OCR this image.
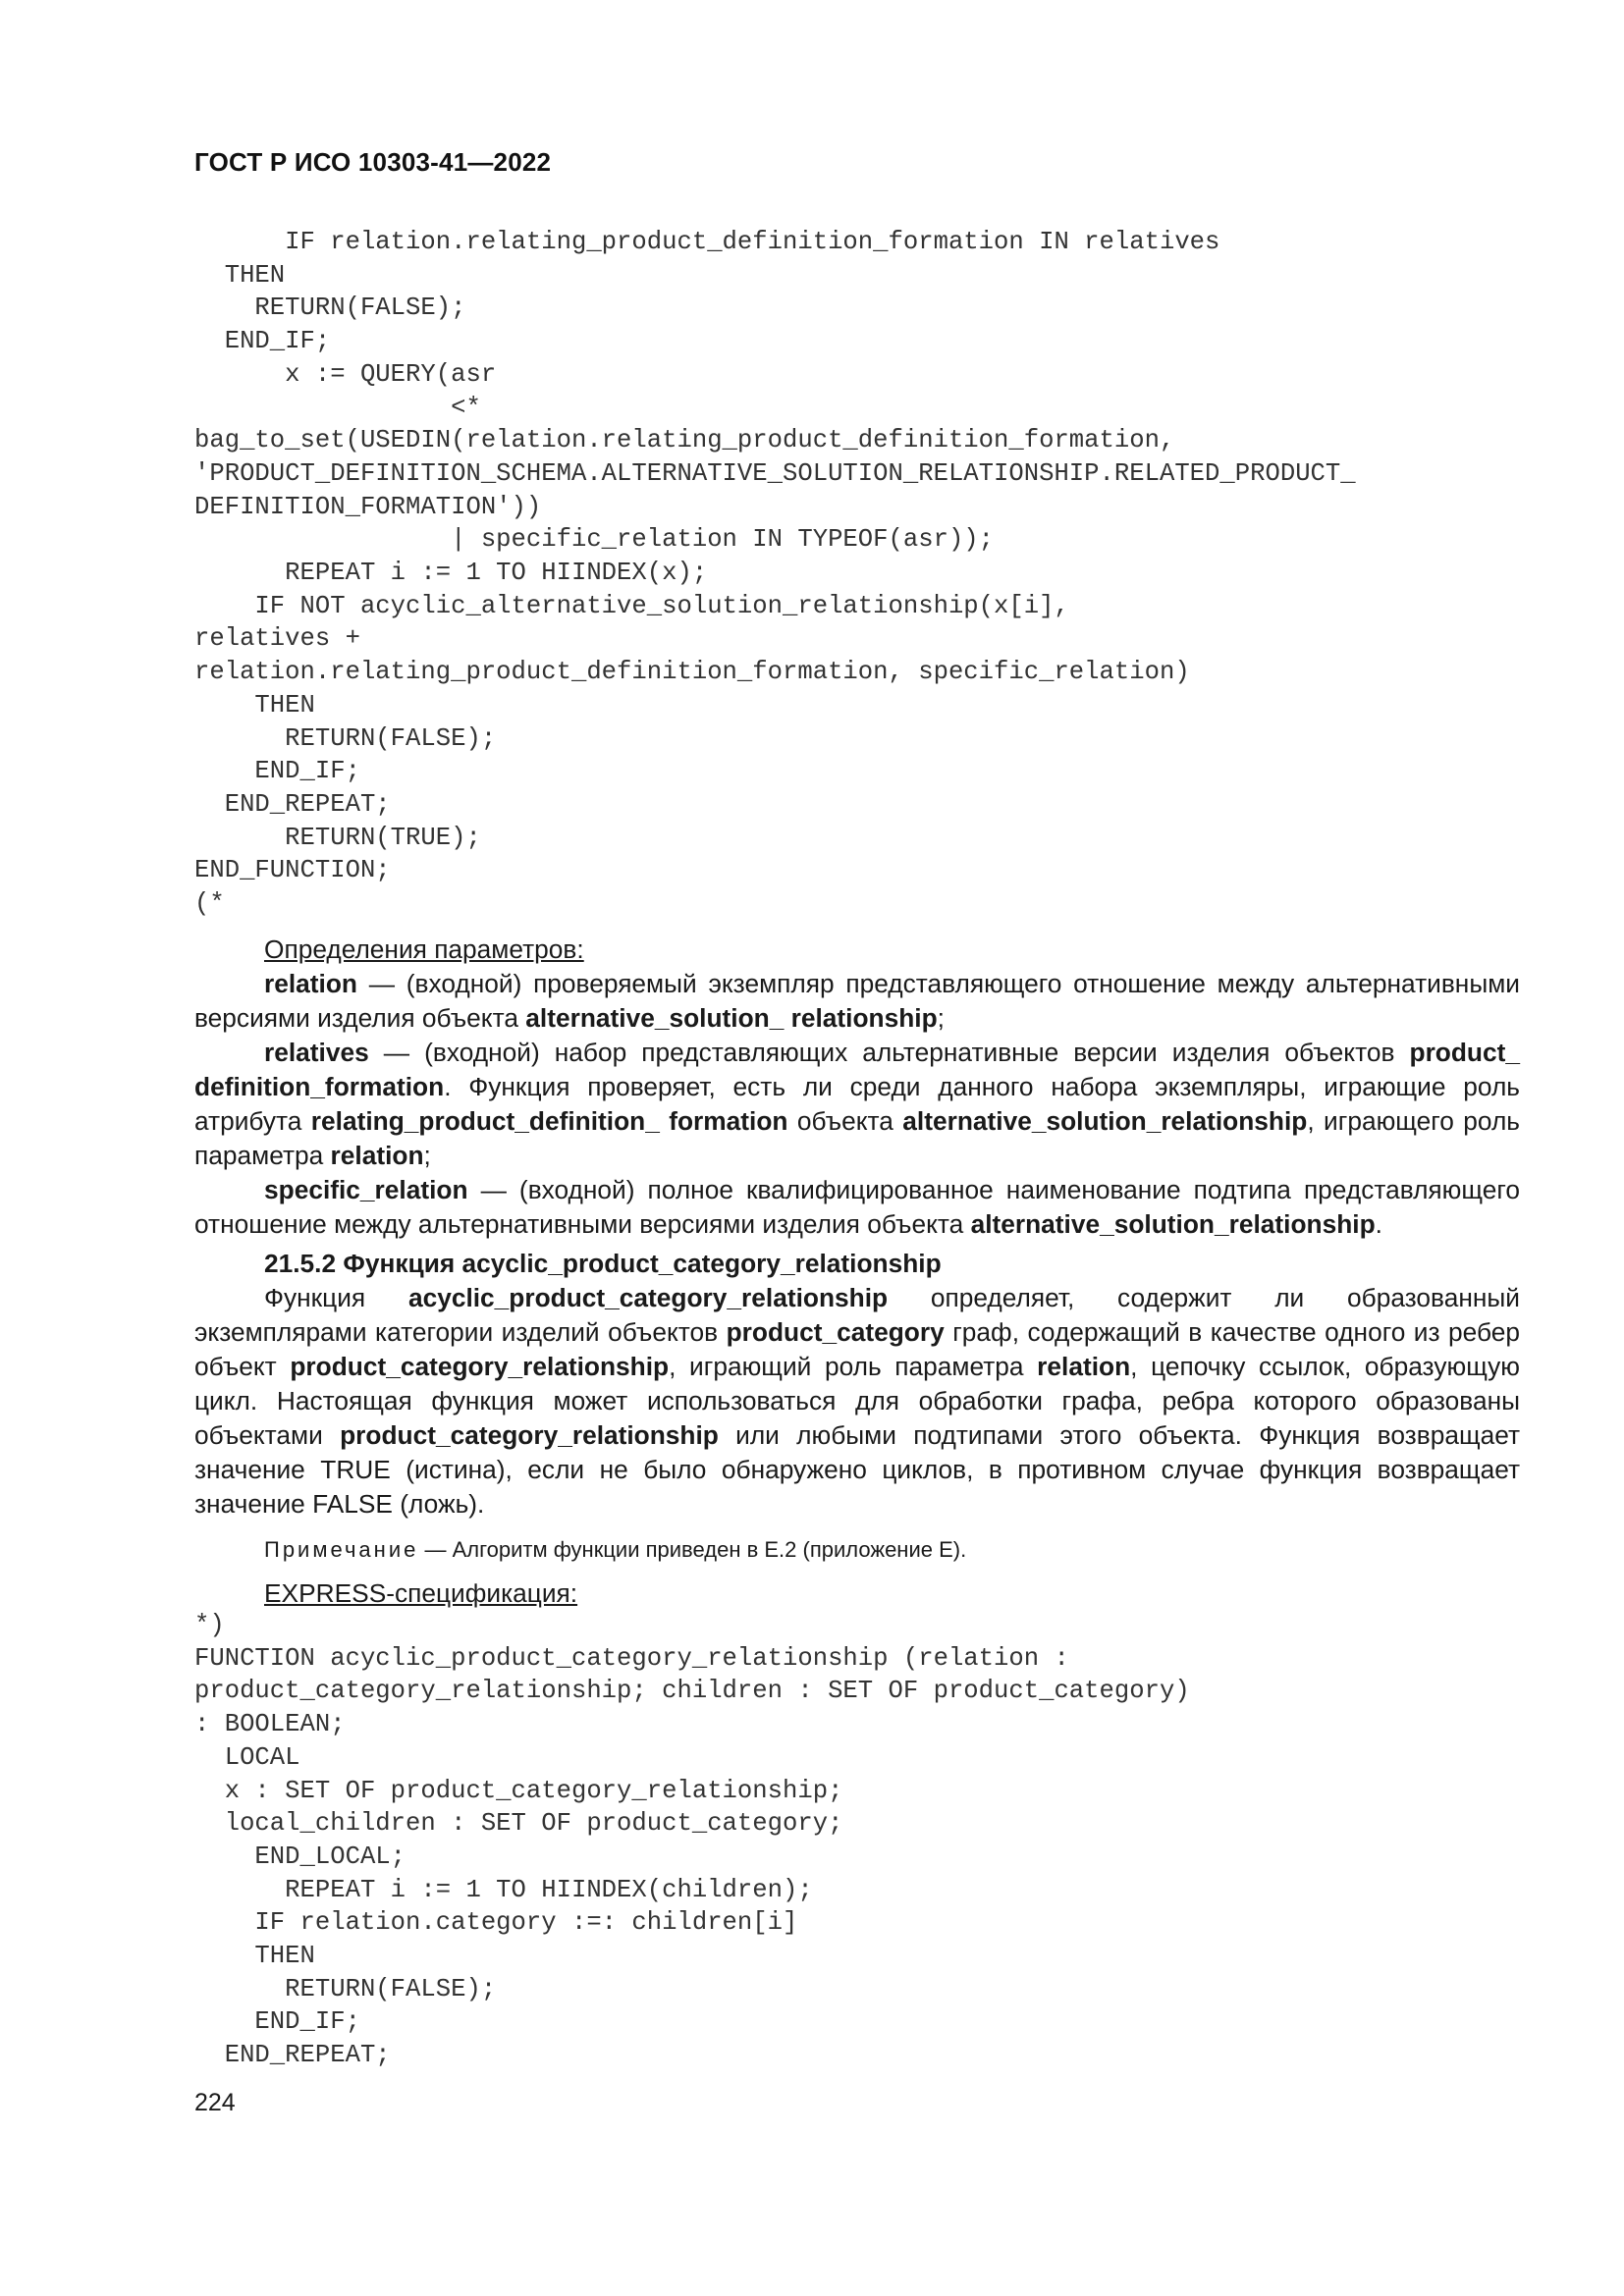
ГОСТ Р ИСО 10303-41—2022
IF relation.relating_product_definition_formation IN relatives
THEN
RETURN(FALSE);
END_IF;
x := QUERY(asr
<*
bag_to_set(USEDIN(relation.relating_product_definition_formation,
'PRODUCT_DEFINITION_SCHEMA.ALTERNATIVE_SOLUTION_RELATIONSHIP.RELATED_PRODUCT_
DEFINITION_FORMATION'))
| specific_relation IN TYPEOF(asr));
REPEAT i := 1 TO HIINDEX(x);
IF NOT acyclic_alternative_solution_relationship(x[i],
relatives +
relation.relating_product_definition_formation, specific_relation)
THEN
RETURN(FALSE);
END_IF;
END_REPEAT;
RETURN(TRUE);
END_FUNCTION;
(*

Определения параметров:

relation — (входной) проверяемый экземпляр представляющего отношение между альтернативными версиями изделия объекта alternative_solution_ relationship;

relatives — (входной) набор представляющих альтернативные версии изделия объектов product_ definition_formation. Функция проверяет, есть ли среди данного набора экземпляры, играющие роль атрибута relating_product_definition_ formation объекта alternative_solution_relationship, играющего роль параметра relation;

specific_relation — (входной) полное квалифицированное наименование подтипа представляющего отношение между альтернативными версиями изделия объекта alternative_solution_relationship.

21.5.2 Функция acyclic_product_category_relationship

Функция acyclic_product_category_relationship определяет, содержит ли образованный экземплярами категории изделий объектов product_category граф, содержащий в качестве одного из ребер объект product_category_relationship, играющий роль параметра relation, цепочку ссылок, образующую цикл. Настоящая функция может использоваться для обработки графа, ребра которого образованы объектами product_category_relationship или любыми подтипами этого объекта. Функция возвращает значение TRUE (истина), если не было обнаружено циклов, в противном случае функция возвращает значение FALSE (ложь).

Примечание — Алгоритм функции приведен в Е.2 (приложение Е).

EXPRESS-спецификация:

*)
FUNCTION acyclic_product_category_relationship (relation :
product_category_relationship; children : SET OF product_category)
: BOOLEAN;
LOCAL
x : SET OF product_category_relationship;
local_children : SET OF product_category;
END_LOCAL;
REPEAT i := 1 TO HIINDEX(children);
IF relation.category :=: children[i]
THEN
RETURN(FALSE);
END_IF;
END_REPEAT;
224
